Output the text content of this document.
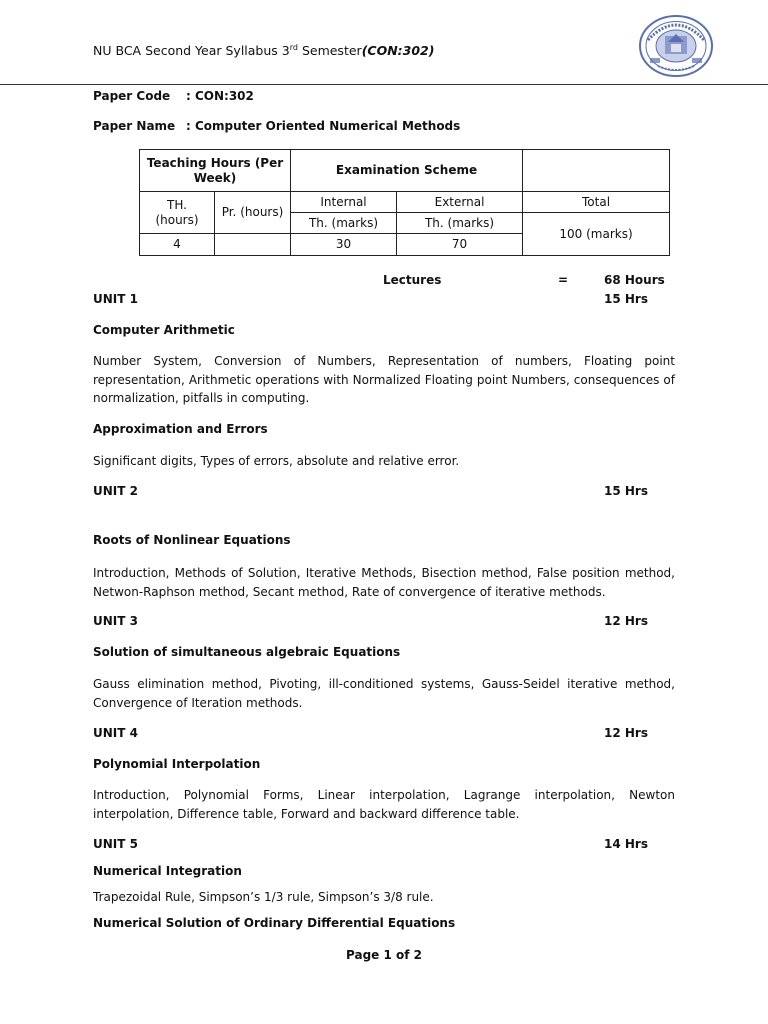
NU BCA Second Year Syllabus 3rd Semester(CON:302)
Paper Code : CON:302
Paper Name : Computer Oriented Numerical Methods
Teaching Hours (Per Week)		Examination Scheme		
TH. (hours)	Pr. (hours)	Internal	External	Total
		Th. (marks)	Th. (marks)	100 (marks)
4		30	70	
Lectures	=	68 Hours
UNIT 1	15 Hrs
Computer Arithmetic
Number System, Conversion of Numbers, Representation of numbers, Floating point representation, Arithmetic operations with Normalized Floating point Numbers, consequences of normalization, pitfalls in computing.
Approximation and Errors
Significant digits, Types of errors, absolute and relative error.
UNIT 2	15 Hrs
Roots of Nonlinear Equations
Introduction, Methods of Solution, Iterative Methods, Bisection method, False position method, Netwon-Raphson method, Secant method, Rate of convergence of iterative methods.
UNIT 3	12 Hrs
Solution of simultaneous algebraic Equations
Gauss elimination method, Pivoting, ill-conditioned systems, Gauss-Seidel iterative method, Convergence of Iteration methods.
UNIT 4	12 Hrs
Polynomial Interpolation
Introduction, Polynomial Forms, Linear interpolation, Lagrange interpolation, Newton interpolation, Difference table, Forward and backward difference table.
UNIT 5	14 Hrs
Numerical Integration
Trapezoidal Rule, Simpson’s 1/3 rule, Simpson’s 3/8 rule.
Numerical Solution of Ordinary Differential Equations
Page 1 of 2
